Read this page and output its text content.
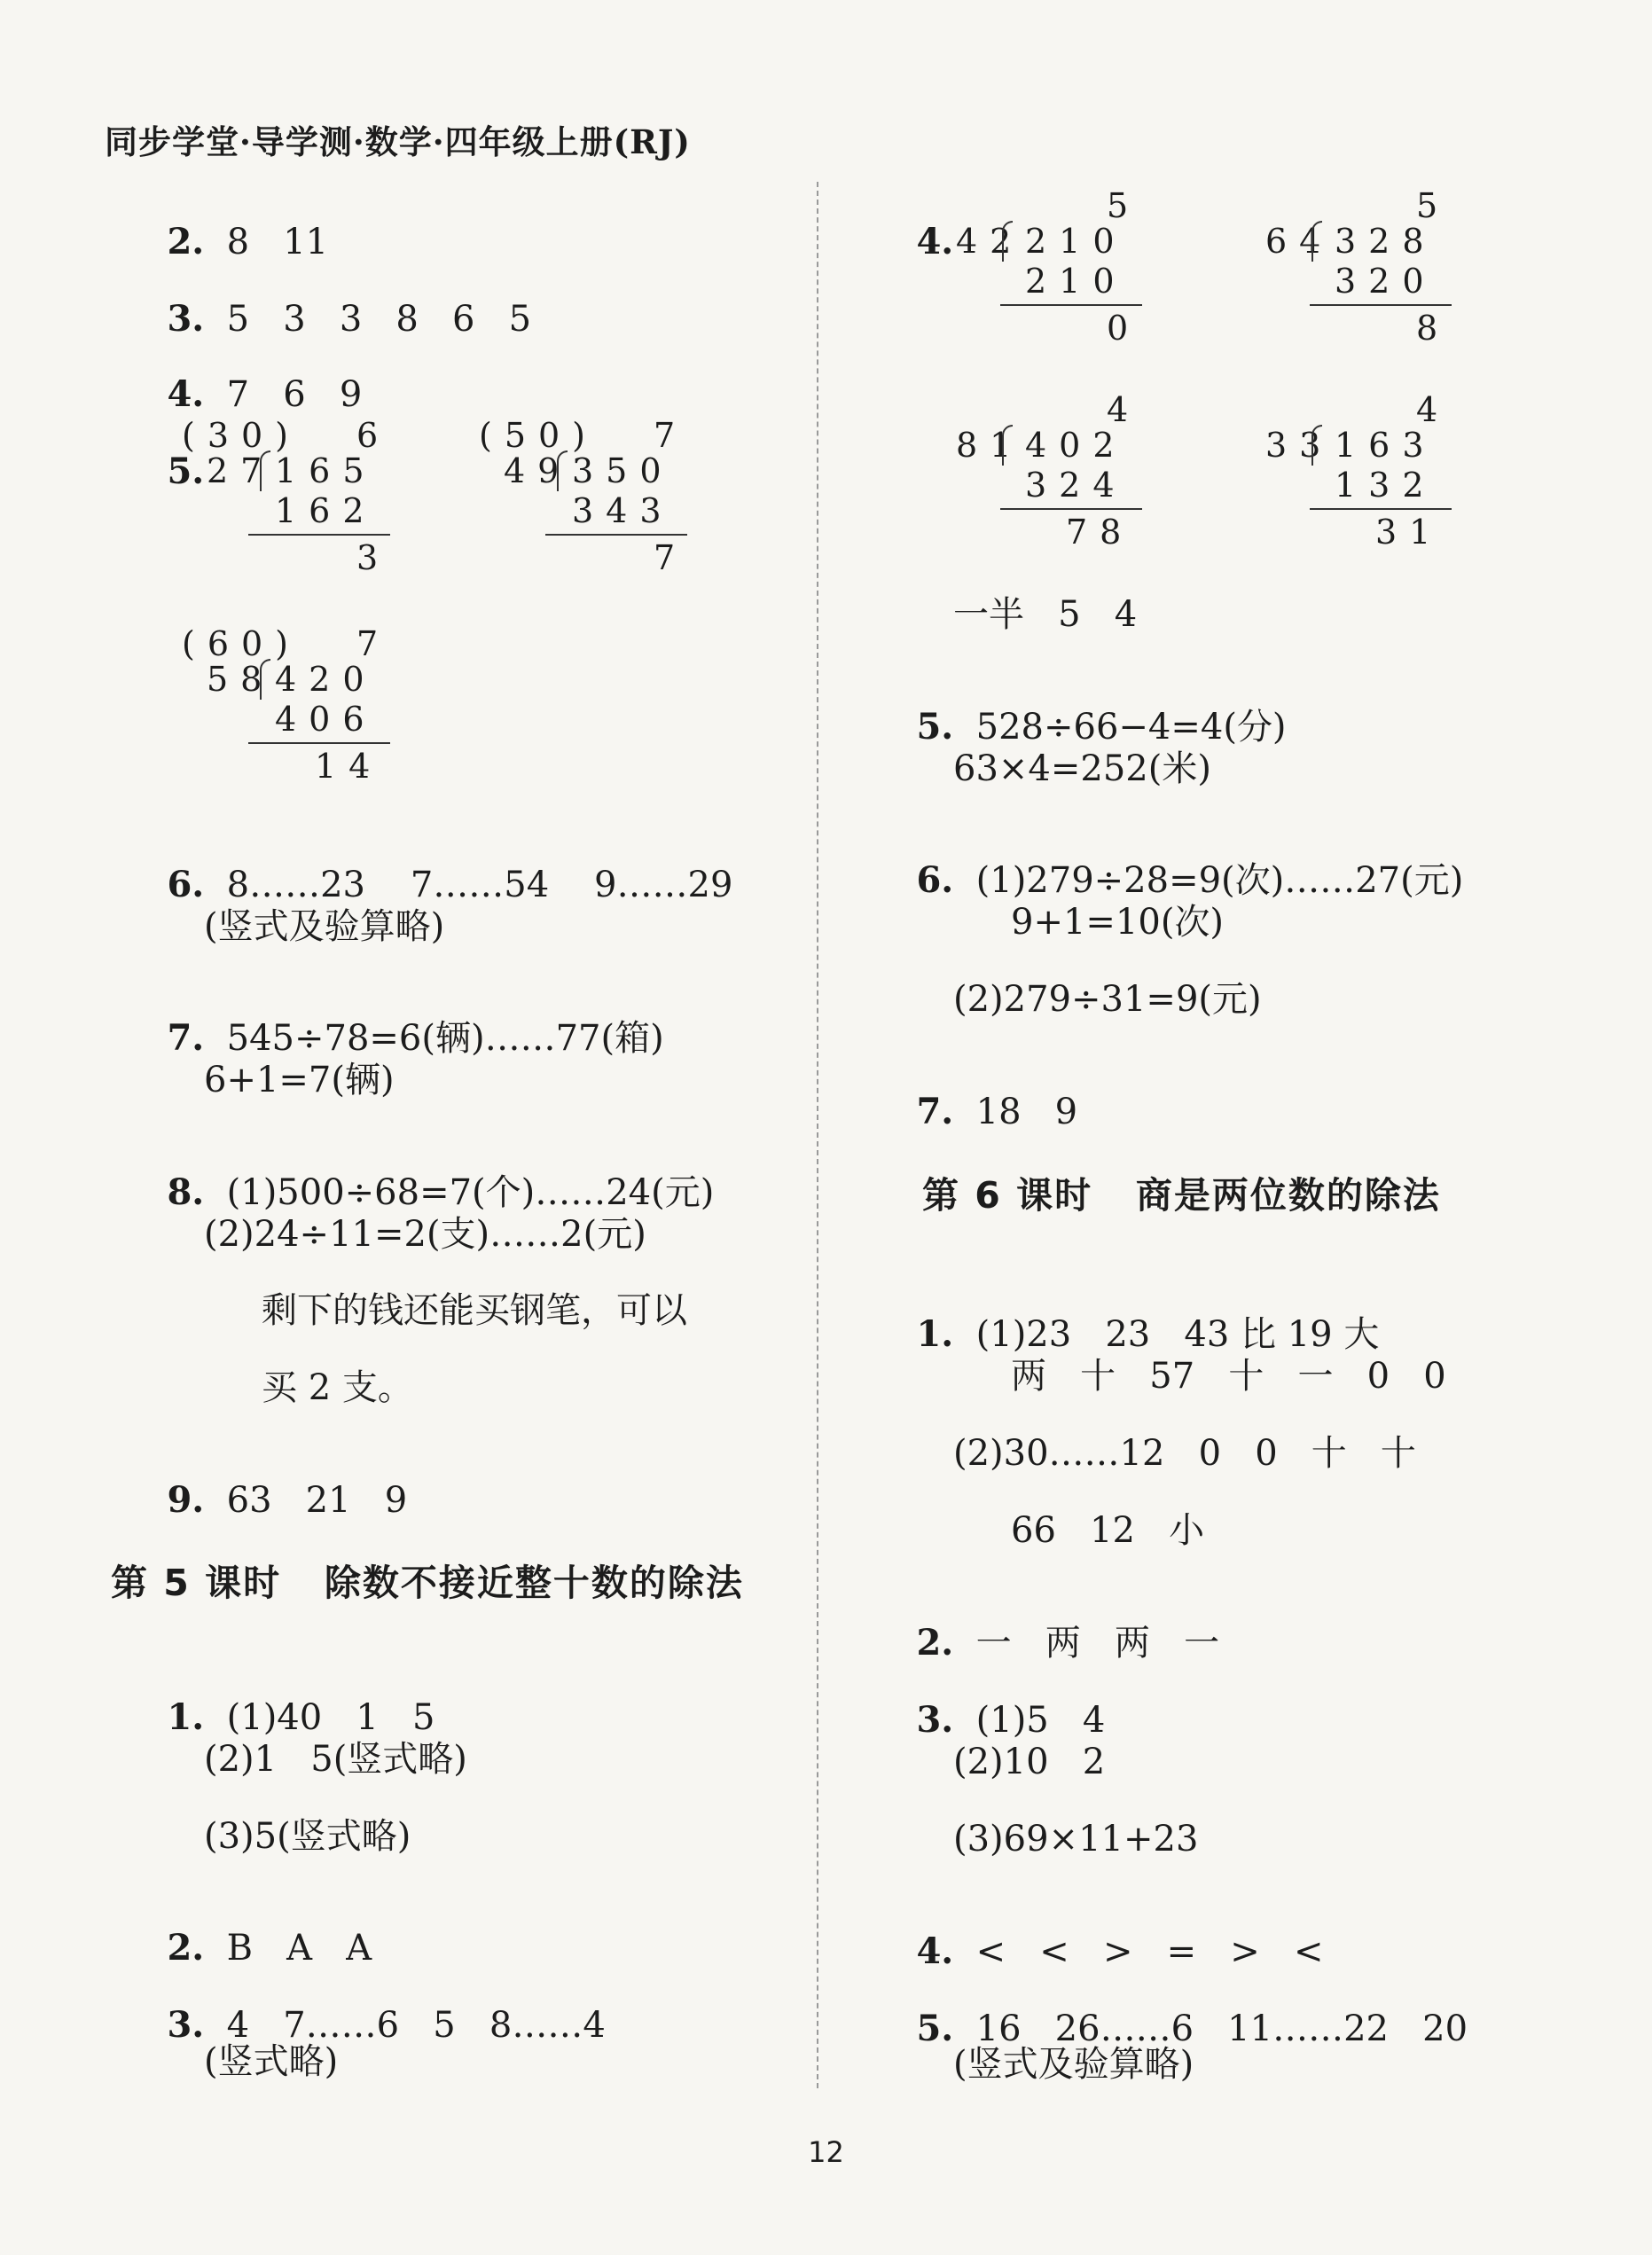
同步学堂·导学测·数学·四年级上册(RJ)

2. 8   11

3. 5   3   3   8   6   5

4. 7   6   9

5.

(30) 6
27 165
162
3
(50) 7
49 350
343
7
(60) 7
58 420
406
14

6. 8……23    7……54    9……29

(竖式及验算略)

7. 545÷78=6(辆)……77(箱)

6+1=7(辆)

8. (1)500÷68=7(个)……24(元)

(2)24÷11=2(支)……2(元)
剩下的钱还能买钢笔，可以
买 2 支。

9. 63   21   9

第 5 课时   除数不接近整十数的除法

1. (1)40   1   5

(2)1   5(竖式略)
(3)5(竖式略)

2. B   A   A

3. 4   7……6   5   8……4

(竖式略)

4.

5
42 210
210
0
5
64 328
320
8
4
81 402
324
78
4
33 163
132
31
一半   5   4

5. 528÷66−4=4(分)

63×4=252(米)

6. (1)279÷28=9(次)……27(元)

9+1=10(次)
(2)279÷31=9(元)

7. 18   9

第 6 课时   商是两位数的除法

1. (1)23   23   43 比 19 大

两   十   57   十   一   0   0
(2)30……12   0   0   十   十
66   12   小

2. 一   两   两   一

3. (1)5   4

(2)10   2
(3)69×11+23

4. <   <   >   =   >   <

5. 16   26……6   11……22   20

(竖式及验算略)
12
